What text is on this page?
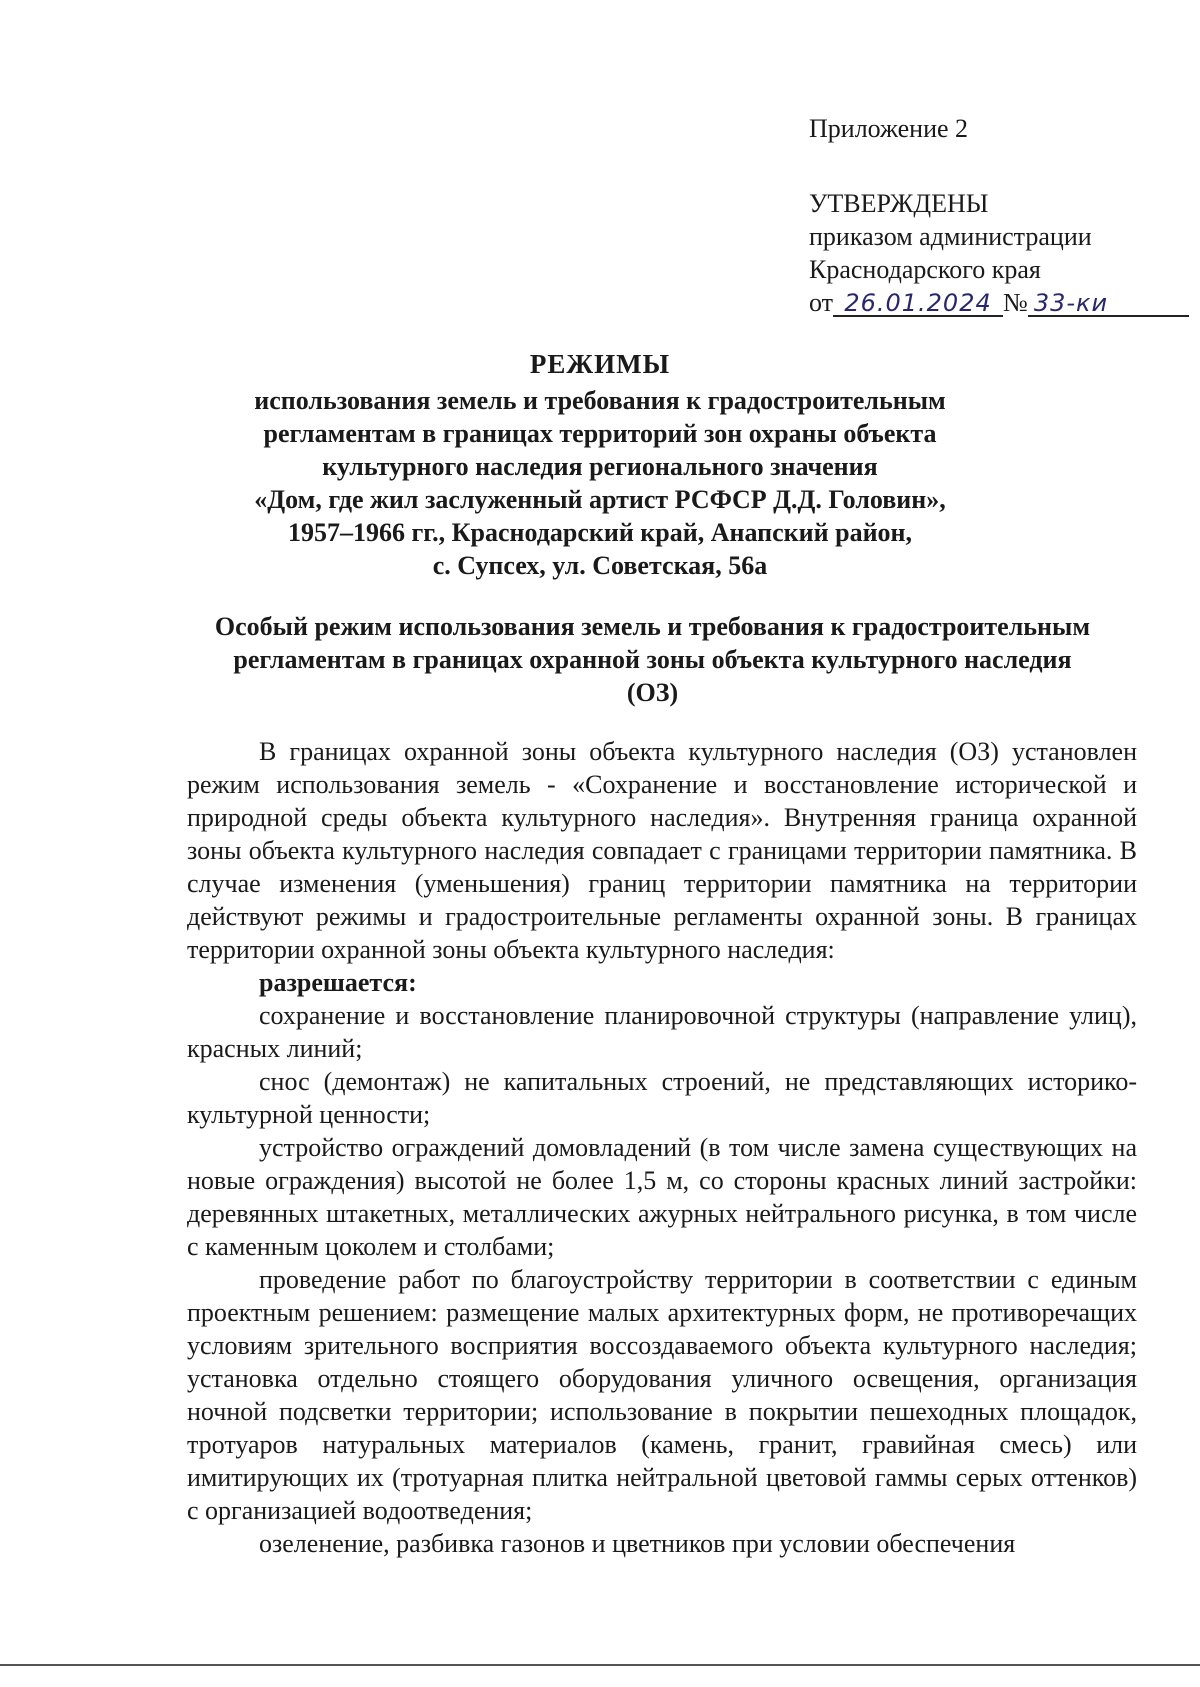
Приложение 2
УТВЕРЖДЕНЫ
приказом администрации
Краснодарского края
от 26.01.2024 № 33-ки
РЕЖИМЫ
использования земель и требования к градостроительным
регламентам в границах территорий зон охраны объекта
культурного наследия регионального значения
«Дом, где жил заслуженный артист РСФСР Д.Д. Головин»,
1957–1966 гг., Краснодарский край, Анапский район,
с. Супсех, ул. Советская, 56а
Особый режим использования земель и требования к градостроительным
регламентам в границах охранной зоны объекта культурного наследия
(ОЗ)

В границах охранной зоны объекта культурного наследия (ОЗ) установлен режим использования земель - «Сохранение и восстановление исторической и природной среды объекта культурного наследия». Внутренняя граница охранной зоны объекта культурного наследия совпадает с границами территории памятника. В случае изменения (уменьшения) границ территории памятника на территории действуют режимы и градостроительные регламенты охранной зоны. В границах территории охранной зоны объекта культурного наследия:

разрешается:

сохранение и восстановление планировочной структуры (направление улиц), красных линий;

снос (демонтаж) не капитальных строений, не представляющих историко-культурной ценности;

устройство ограждений домовладений (в том числе замена существующих на новые ограждения) высотой не более 1,5 м, со стороны красных линий застройки: деревянных штакетных, металлических ажурных нейтрального рисунка, в том числе с каменным цоколем и столбами;

проведение работ по благоустройству территории в соответствии с единым проектным решением: размещение малых архитектурных форм, не противоречащих условиям зрительного восприятия воссоздаваемого объекта культурного наследия; установка отдельно стоящего оборудования уличного освещения, организация ночной подсветки территории; использование в покрытии пешеходных площадок, тротуаров натуральных материалов (камень, гранит, гравийная смесь) или имитирующих их (тротуарная плитка нейтральной цветовой гаммы серых оттенков) с организацией водоотведения;

озеленение, разбивка газонов и цветников при условии обеспечения
